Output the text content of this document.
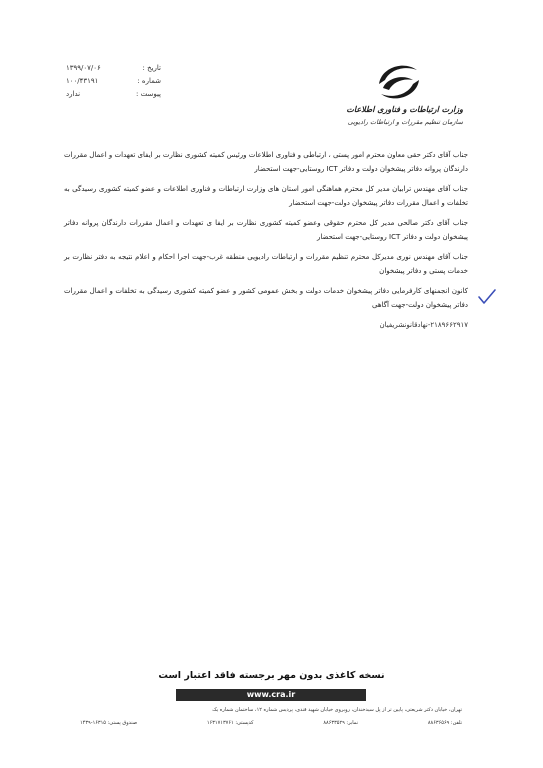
تاریخ :
۱۳۹۹/۰۷/۰۶
شماره :
۱۰۰/۴۳۱۹۱
پیوست :
ندارد
وزارت ارتباطات و فناوری اطلاعات
سازمان تنظیم مقررات و ارتباطات رادیویی

جناب آقای دکتر حقی معاون محترم امور پستی ، ارتباطی و فناوری اطلاعات ورئیس کمیته کشوری نظارت بر ایفای تعهدات و اعمال مقررات دارندگان پروانه دفاتر پیشخوان دولت و دفاتر ICT روستایی-جهت استحضار

جناب آقای مهندس ترابیان مدیر کل محترم هماهنگی امور استان های وزارت ارتباطات و فناوری اطلاعات و عضو کمیته کشوری رسیدگی به تخلفات و اعمال مقررات دفاتر پیشخوان دولت-جهت استحضار

جناب آقای دکتر صالحی مدیر کل محترم حقوقی وعضو کمیته کشوری نظارت بر ایفا ی تعهدات و اعمال مقررات دارندگان پروانه دفاتر پیشخوان دولت و دفاتر ICT روستایی-جهت استحضار

جناب آقای مهندس نوری مدیرکل محترم تنظیم مقررات و ارتباطات رادیویی منطقه غرب-جهت اجرا احکام و اعلام نتیجه به دفتر نظارت بر خدمات پستی و دفاتر پیشخوان

کانون انجمنهای کارفرمایی دفاتر پیشخوان خدمات دولت و بخش عمومی کشور و عضو کمیته کشوری رسیدگی به تخلفات و اعمال مقررات دفاتر پیشخوان دولت-جهت آگاهی

۲۱۸۹۶۶۲۹۱۷-نهادقانونشریفیان
نسخه کاغذی بدون مهر برجسته فاقد اعتبار است
www.cra.ir
تهران، خیابان دکتر شریعتی، پایین تر از پل سیدخندان، روبروی خیابان شهید قندی، پردیس شماره ۱۲، ساختمان شماره یک
تلفن: ۸۸۶۳۶۵۶۹
نمابر: ۸۸۶۳۳۵۲۹
کدپستی: ۱۶۳۱۷۱۳۷۶۱
صندوق پستی: ۱۶۳۱۵-۱۴۳۹
